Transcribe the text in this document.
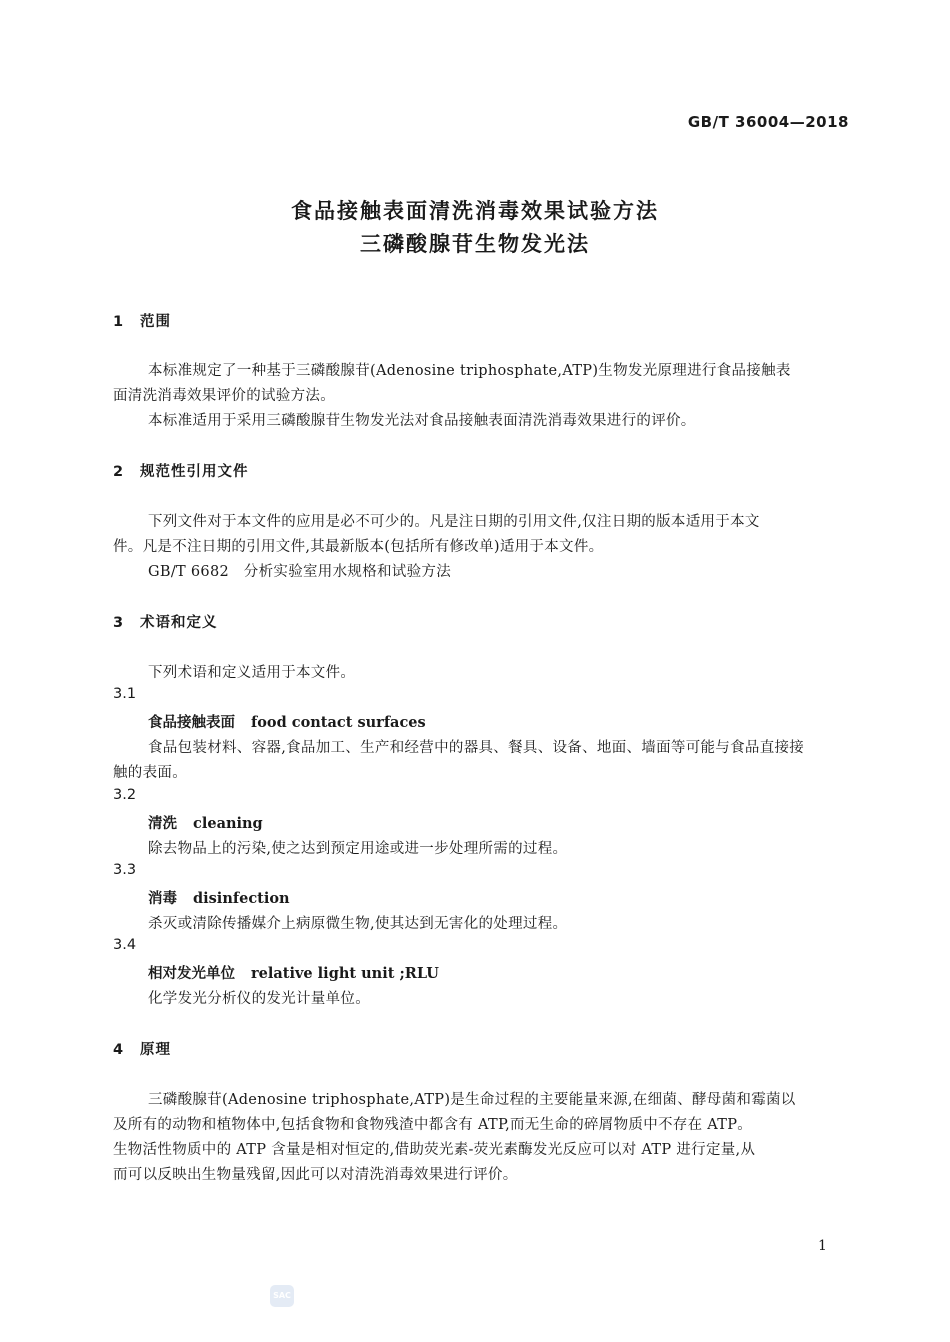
GB/T 36004—2018
食品接触表面清洗消毒效果试验方法
三磷酸腺苷生物发光法
1 范围
本标准规定了一种基于三磷酸腺苷(Adenosine triphosphate,ATP)生物发光原理进行食品接触表
面清洗消毒效果评价的试验方法。
本标准适用于采用三磷酸腺苷生物发光法对食品接触表面清洗消毒效果进行的评价。
2 规范性引用文件
下列文件对于本文件的应用是必不可少的。凡是注日期的引用文件,仅注日期的版本适用于本文
件。凡是不注日期的引用文件,其最新版本(包括所有修改单)适用于本文件。
GB/T 6682　分析实验室用水规格和试验方法
3 术语和定义
下列术语和定义适用于本文件。
3.1
食品接触表面 food contact surfaces
食品包装材料、容器,食品加工、生产和经营中的器具、餐具、设备、地面、墙面等可能与食品直接接
触的表面。
3.2
清洗 cleaning
除去物品上的污染,使之达到预定用途或进一步处理所需的过程。
3.3
消毒 disinfection
杀灭或清除传播媒介上病原微生物,使其达到无害化的处理过程。
3.4
相对发光单位 relative light unit ;RLU
化学发光分析仪的发光计量单位。
4 原理
三磷酸腺苷(Adenosine triphosphate,ATP)是生命过程的主要能量来源,在细菌、酵母菌和霉菌以
及所有的动物和植物体中,包括食物和食物残渣中都含有 ATP,而无生命的碎屑物质中不存在 ATP。
生物活性物质中的 ATP 含量是相对恒定的,借助荧光素-荧光素酶发光反应可以对 ATP 进行定量,从
而可以反映出生物量残留,因此可以对清洗消毒效果进行评价。
1
SAC
